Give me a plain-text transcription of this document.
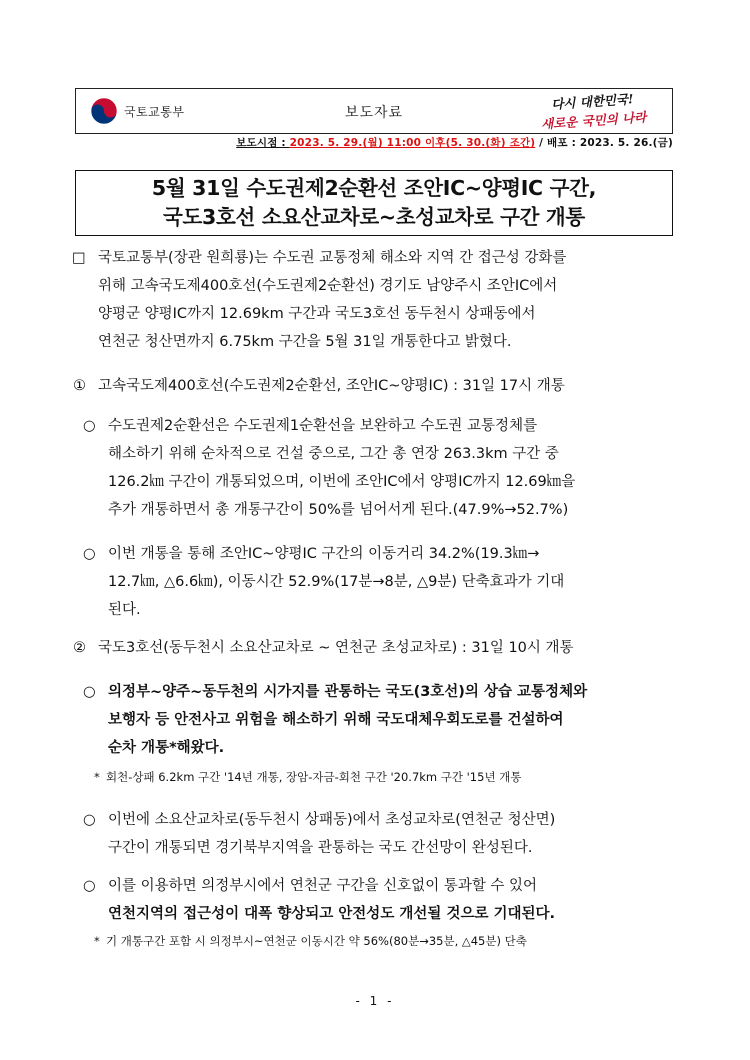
국토교통부	보도자료
다시 대한민국!
새로운 국민의 나라
보도시점 : 2023. 5. 29.(월) 11:00 이후(5. 30.(화) 조간) / 배포 : 2023. 5. 26.(금)
5월 31일 수도권제2순환선 조안IC~양평IC 구간,
국도3호선 소요산교차로~초성교차로 구간 개통
□ 국토교통부(장관 원희룡)는 수도권 교통정체 해소와 지역 간 접근성 강화를
위해 고속국도제400호선(수도권제2순환선) 경기도 남양주시 조안IC에서
양평군 양평IC까지 12.69km 구간과 국도3호선 동두천시 상패동에서
연천군 청산면까지 6.75km 구간을 5월 31일 개통한다고 밝혔다.
① 고속국도제400호선(수도권제2순환선, 조안IC~양평IC) : 31일 17시 개통
○ 수도권제2순환선은 수도권제1순환선을 보완하고 수도권 교통정체를
해소하기 위해 순차적으로 건설 중으로, 그간 총 연장 263.3km 구간 중
126.2㎞ 구간이 개통되었으며, 이번에 조안IC에서 양평IC까지 12.69㎞을
추가 개통하면서 총 개통구간이 50%를 넘어서게 된다.(47.9%→52.7%)
○ 이번 개통을 통해 조안IC~양평IC 구간의 이동거리 34.2%(19.3㎞→
12.7㎞, △6.6㎞), 이동시간 52.9%(17분→8분, △9분) 단축효과가 기대
된다.
② 국도3호선(동두천시 소요산교차로 ~ 연천군 초성교차로) : 31일 10시 개통
○ 의정부~양주~동두천의 시가지를 관통하는 국도(3호선)의 상습 교통정체와
보행자 등 안전사고 위험을 해소하기 위해 국도대체우회도로를 건설하여
순차 개통*해왔다.
* 회천-상패 6.2km 구간 '14년 개통, 장암-자금-회천 구간 '20.7km 구간 '15년 개통
○ 이번에 소요산교차로(동두천시 상패동)에서 초성교차로(연천군 청산면)
구간이 개통되면 경기북부지역을 관통하는 국도 간선망이 완성된다.
○ 이를 이용하면 의정부시에서 연천군 구간을 신호없이 통과할 수 있어
연천지역의 접근성이 대폭 향상되고 안전성도 개선될 것으로 기대된다.
* 기 개통구간 포함 시 의정부시~연천군 이동시간 약 56%(80분→35분, △45분) 단축
- 1 -
